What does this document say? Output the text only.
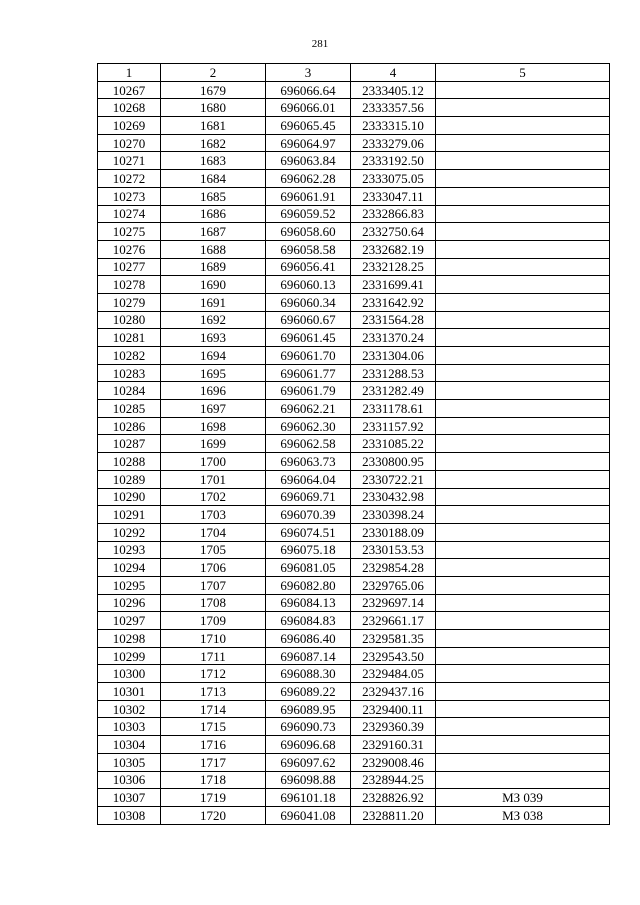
281
1	2	3	4	5
10267	1679	696066.64	2333405.12	
10268	1680	696066.01	2333357.56	
10269	1681	696065.45	2333315.10	
10270	1682	696064.97	2333279.06	
10271	1683	696063.84	2333192.50	
10272	1684	696062.28	2333075.05	
10273	1685	696061.91	2333047.11	
10274	1686	696059.52	2332866.83	
10275	1687	696058.60	2332750.64	
10276	1688	696058.58	2332682.19	
10277	1689	696056.41	2332128.25	
10278	1690	696060.13	2331699.41	
10279	1691	696060.34	2331642.92	
10280	1692	696060.67	2331564.28	
10281	1693	696061.45	2331370.24	
10282	1694	696061.70	2331304.06	
10283	1695	696061.77	2331288.53	
10284	1696	696061.79	2331282.49	
10285	1697	696062.21	2331178.61	
10286	1698	696062.30	2331157.92	
10287	1699	696062.58	2331085.22	
10288	1700	696063.73	2330800.95	
10289	1701	696064.04	2330722.21	
10290	1702	696069.71	2330432.98	
10291	1703	696070.39	2330398.24	
10292	1704	696074.51	2330188.09	
10293	1705	696075.18	2330153.53	
10294	1706	696081.05	2329854.28	
10295	1707	696082.80	2329765.06	
10296	1708	696084.13	2329697.14	
10297	1709	696084.83	2329661.17	
10298	1710	696086.40	2329581.35	
10299	1711	696087.14	2329543.50	
10300	1712	696088.30	2329484.05	
10301	1713	696089.22	2329437.16	
10302	1714	696089.95	2329400.11	
10303	1715	696090.73	2329360.39	
10304	1716	696096.68	2329160.31	
10305	1717	696097.62	2329008.46	
10306	1718	696098.88	2328944.25	
10307	1719	696101.18	2328826.92	МЗ 039
10308	1720	696041.08	2328811.20	МЗ 038
